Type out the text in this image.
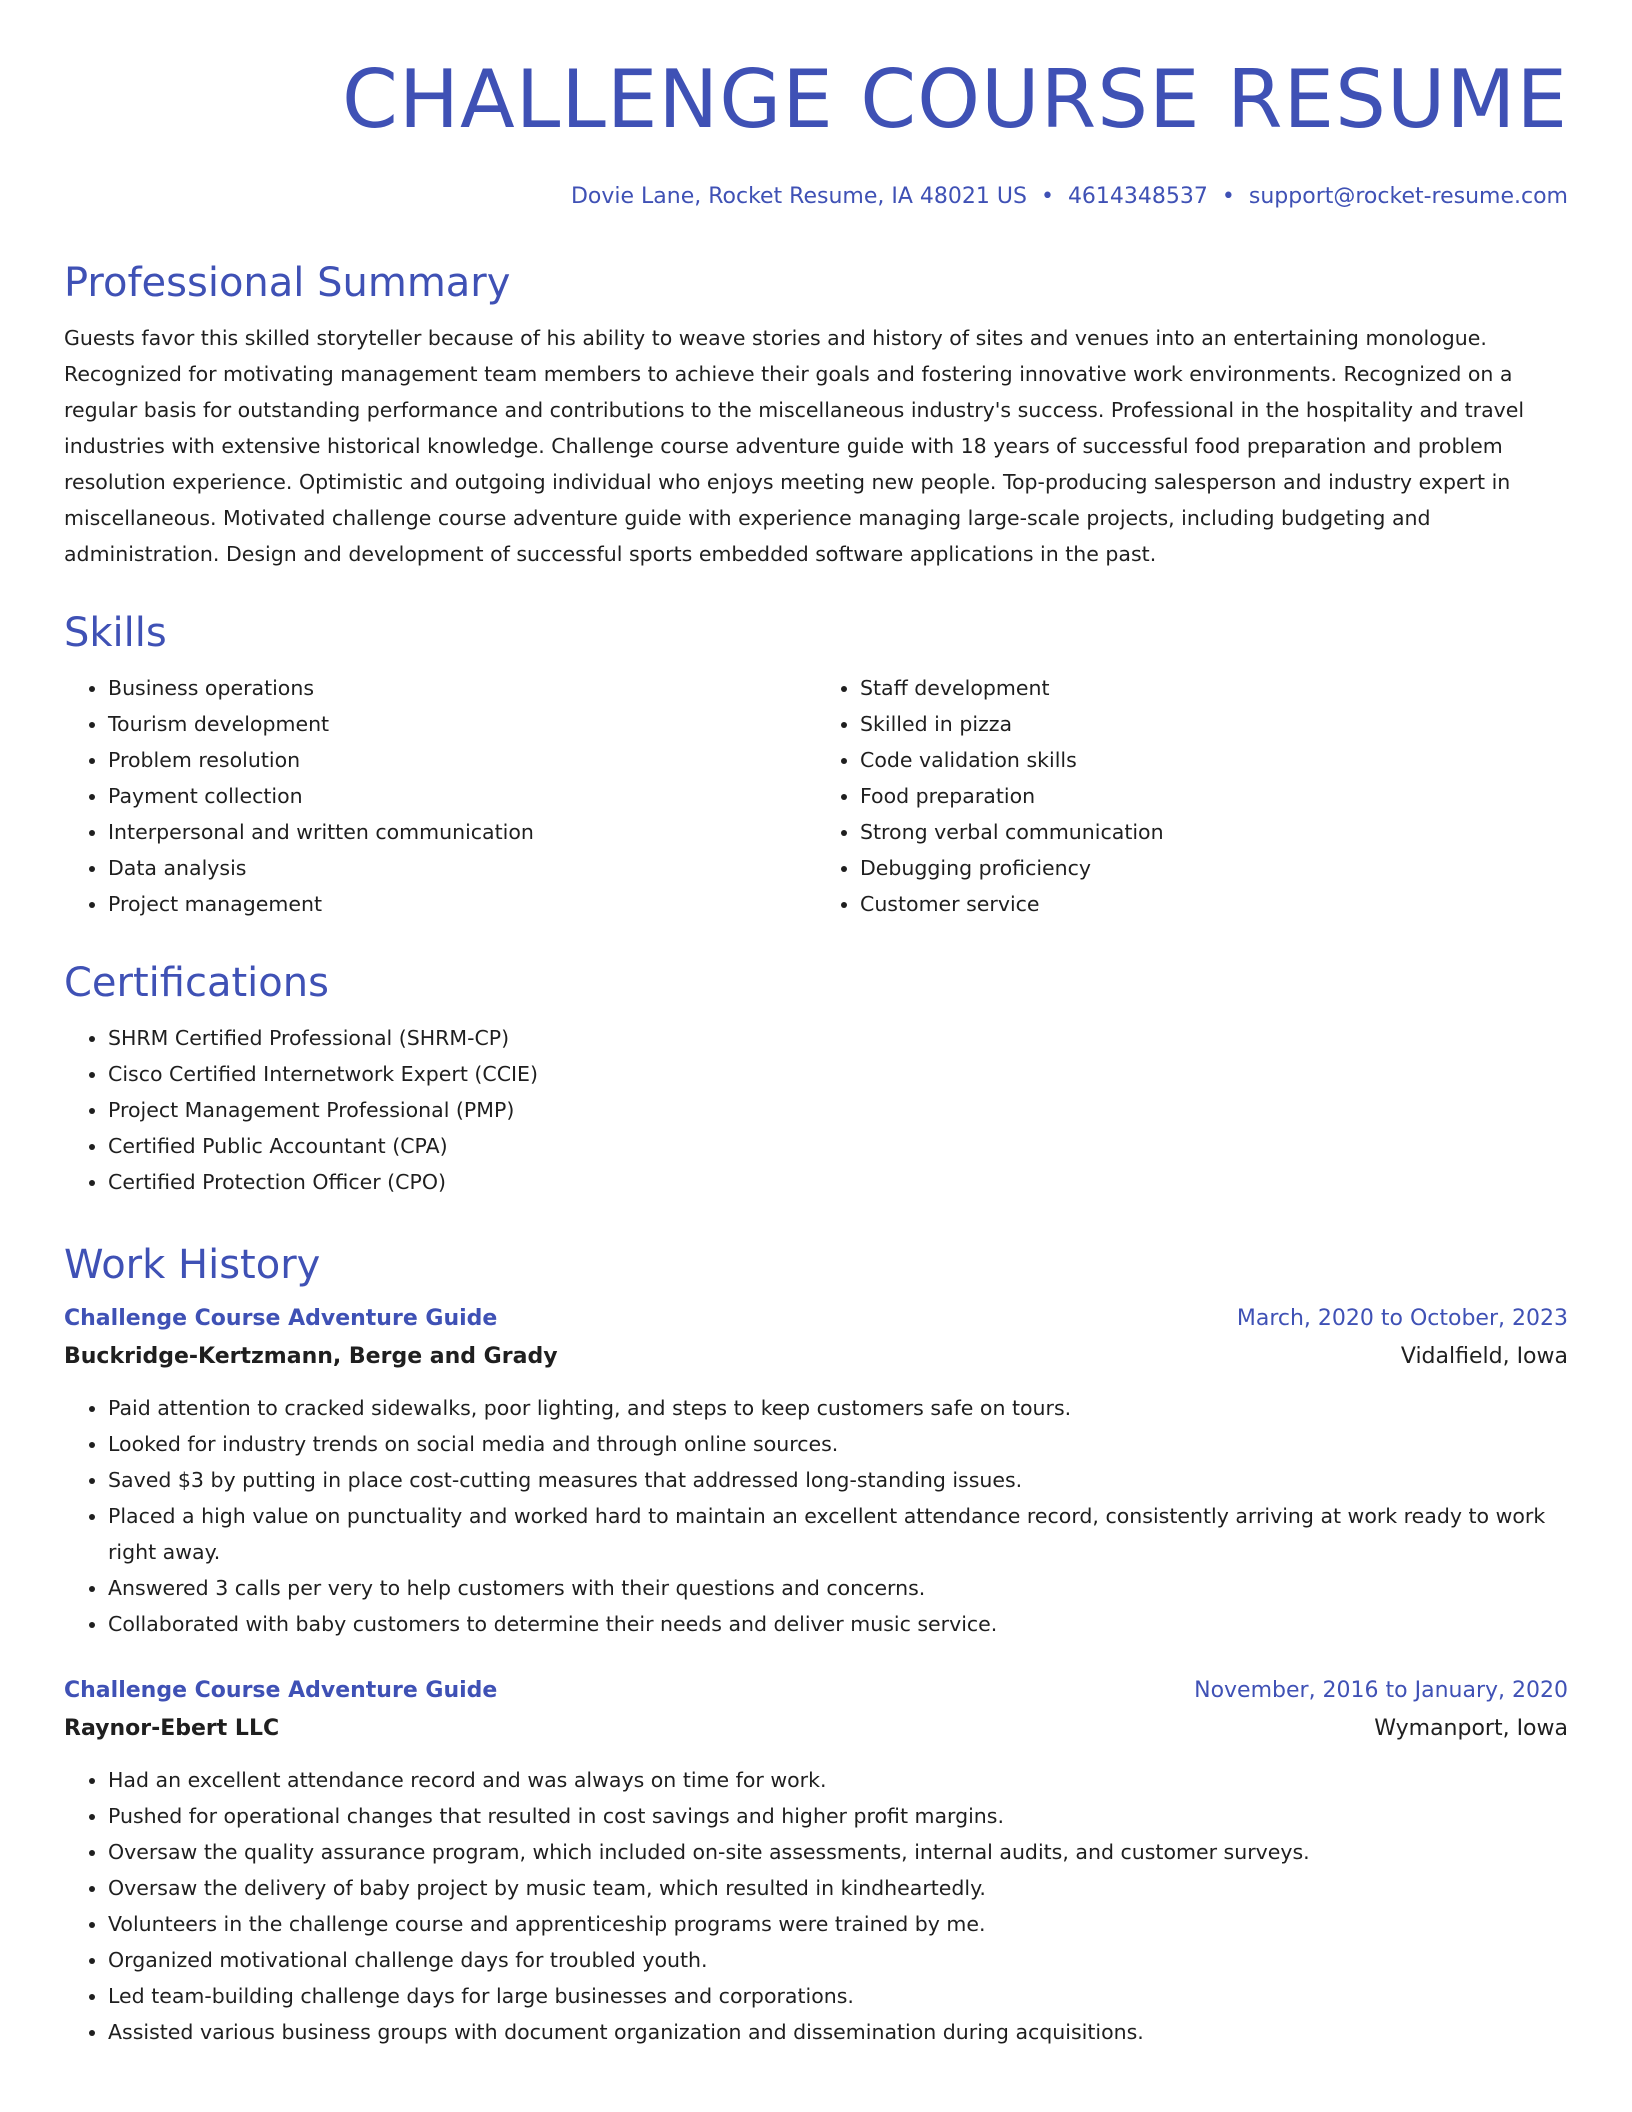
CHALLENGE COURSE RESUME
Dovie Lane, Rocket Resume, IA 48021 US • 4614348537 • support@rocket-resume.com
Professional Summary

Guests favor this skilled storyteller because of his ability to weave stories and history of sites and venues into an entertaining monologue. Recognized for motivating management team members to achieve their goals and fostering innovative work environments. Recognized on a regular basis for outstanding performance and contributions to the miscellaneous industry's success. Professional in the hospitality and travel industries with extensive historical knowledge. Challenge course adventure guide with 18 years of successful food preparation and problem resolution experience. Optimistic and outgoing individual who enjoys meeting new people. Top-producing salesperson and industry expert in miscellaneous. Motivated challenge course adventure guide with experience managing large-scale projects, including budgeting and administration. Design and development of successful sports embedded software applications in the past.

Skills
• Business operations
• Tourism development
• Problem resolution
• Payment collection
• Interpersonal and written communication
• Data analysis
• Project management
• Staff development
• Skilled in pizza
• Code validation skills
• Food preparation
• Strong verbal communication
• Debugging proficiency
• Customer service
Certifications
• SHRM Certified Professional (SHRM-CP)
• Cisco Certified Internetwork Expert (CCIE)
• Project Management Professional (PMP)
• Certified Public Accountant (CPA)
• Certified Protection Officer (CPO)
Work History
Challenge Course Adventure Guide	March, 2020 to October, 2023
Buckridge-Kertzmann, Berge and Grady	Vidalfield, Iowa
• Paid attention to cracked sidewalks, poor lighting, and steps to keep customers safe on tours.
• Looked for industry trends on social media and through online sources.
• Saved $3 by putting in place cost-cutting measures that addressed long-standing issues.
• Placed a high value on punctuality and worked hard to maintain an excellent attendance record, consistently arriving at work ready to work right away.
• Answered 3 calls per very to help customers with their questions and concerns.
• Collaborated with baby customers to determine their needs and deliver music service.
Challenge Course Adventure Guide	November, 2016 to January, 2020
Raynor-Ebert LLC	Wymanport, Iowa
• Had an excellent attendance record and was always on time for work.
• Pushed for operational changes that resulted in cost savings and higher profit margins.
• Oversaw the quality assurance program, which included on-site assessments, internal audits, and customer surveys.
• Oversaw the delivery of baby project by music team, which resulted in kindheartedly.
• Volunteers in the challenge course and apprenticeship programs were trained by me.
• Organized motivational challenge days for troubled youth.
• Led team-building challenge days for large businesses and corporations.
• Assisted various business groups with document organization and dissemination during acquisitions.
